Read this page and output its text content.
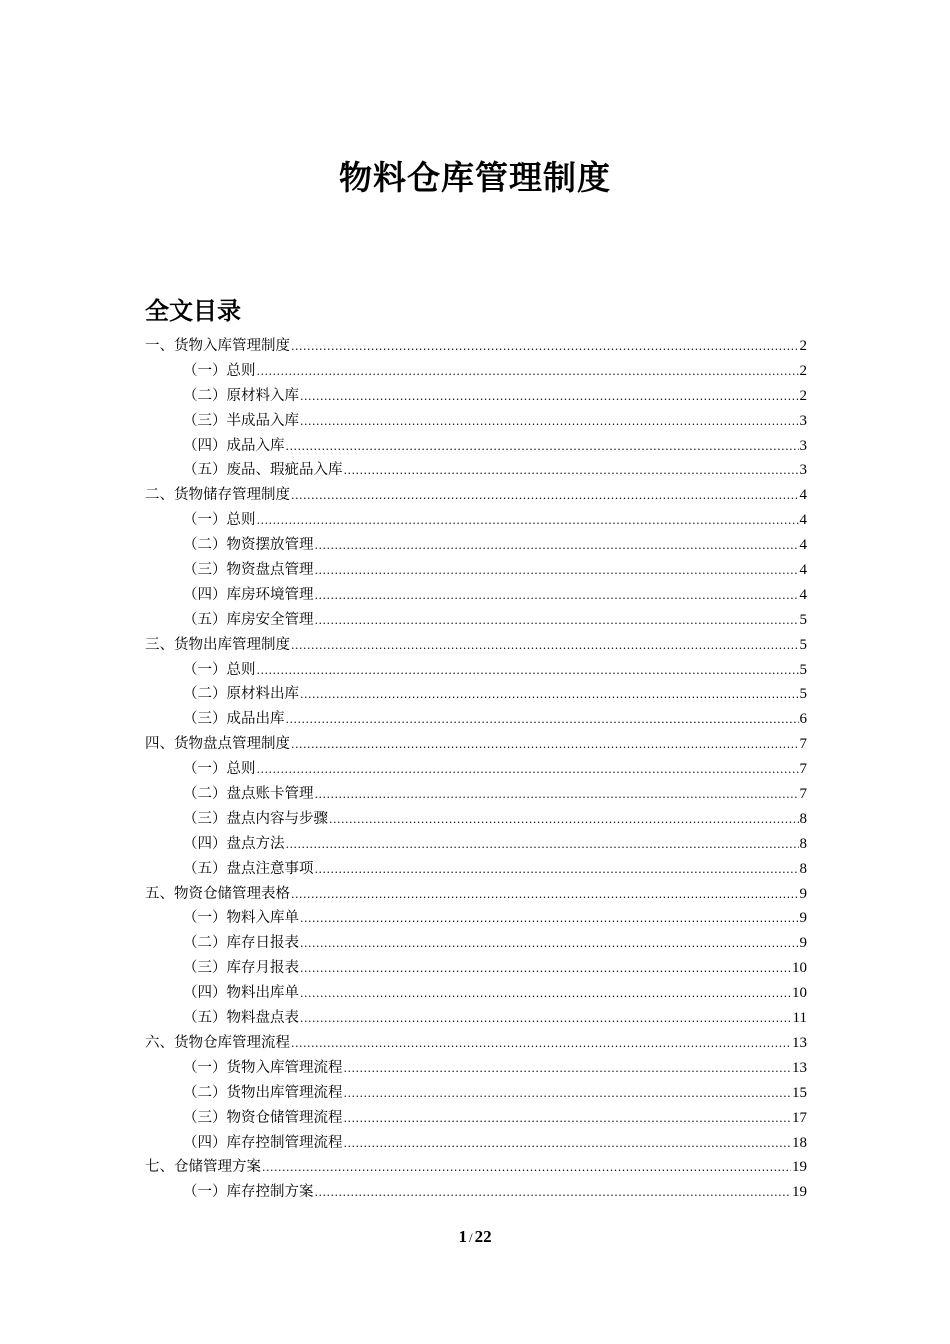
物料仓库管理制度
全文目录
一、货物入库管理制度 .....	2
（一）总则 .....	2
（二）原材料入库 .....	2
（三）半成品入库 .....	3
（四）成品入库 .....	3
（五）废品、瑕疵品入库 .....	3
二、货物储存管理制度 .....	4
（一）总则 .....	4
（二）物资摆放管理 .....	4
（三）物资盘点管理 .....	4
（四）库房环境管理 .....	4
（五）库房安全管理 .....	5
三、货物出库管理制度 .....	5
（一）总则 .....	5
（二）原材料出库 .....	5
（三）成品出库 .....	6
四、货物盘点管理制度 .....	7
（一）总则 .....	7
（二）盘点账卡管理 .....	7
（三）盘点内容与步骤 .....	8
（四）盘点方法 .....	8
（五）盘点注意事项 .....	8
五、物资仓储管理表格 .....	9
（一）物料入库单 .....	9
（二）库存日报表 .....	9
（三）库存月报表 .....	10
（四）物料出库单 .....	10
（五）物料盘点表 .....	11
六、货物仓库管理流程 .....	13
（一）货物入库管理流程 .....	13
（二）货物出库管理流程 .....	15
（三）物资仓储管理流程 .....	17
（四）库存控制管理流程 .....	18
七、仓储管理方案 .....	19
（一）库存控制方案 .....	19
1 / 22
